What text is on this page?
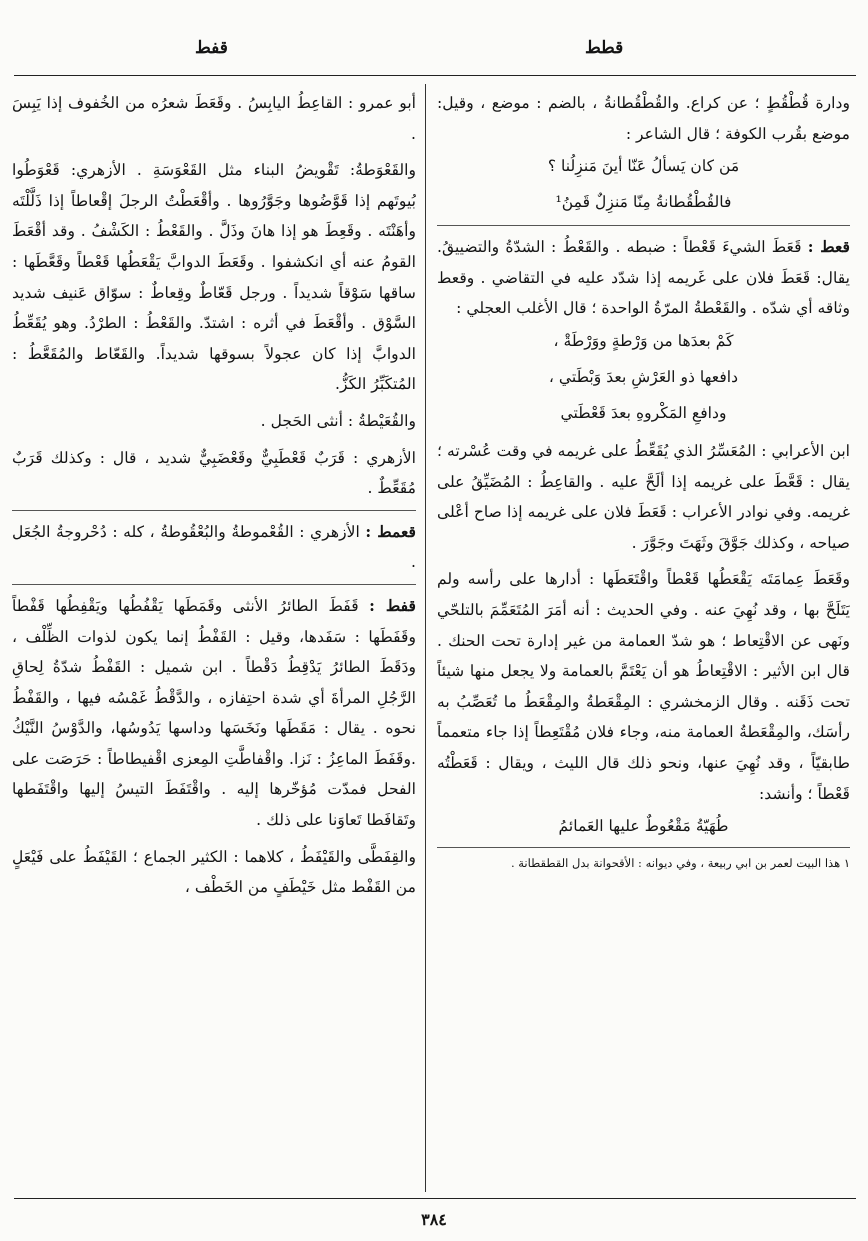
قطط
قفط

ودارة قُطْقُطٍ ؛ عن كراع. والقُطْقُطانةُ ، بالضم : موضع ، وقيل: موضع بقُرب الكوفة ؛ قال الشاعر :

مَن كان يَسألُ عَنّا أينَ مَنزِلُنا ؟

فالقُطْقُطانةُ مِنّا مَنزِلٌ قَمِنُ¹

قعط : قَعَطَ الشيءَ قَعْطاً : ضبطه . والقَعْطُ : الشدّةُ والتضييقُ. يقال: قَعَطَ فلان على غَريمه إذا شدّد عليه في التقاضي . وقعط وثاقه أي شدّه . والقَعْطةُ المرّةُ الواحدة ؛ قال الأغلب العجلي :

كَمْ بعدَها من وَرْطةٍ ووَرْطَةْ ،

دافعها ذو العَرْشِ بعدَ وَبْطَتي ،

ودافعِ المَكْروهِ بعدَ قَعْطَتي

ابن الأعرابي : المُعَسِّرُ الذي يُقَعِّطُ على غريمه في وقت عُسْرته ؛ يقال : قَعَّطَ على غريمه إذا ألَحَّ عليه . والقاعِطُ : المُضَيِّقُ على غريمه. وفي نوادر الأعراب : قَعَطَ فلان على غريمه إذا صاح أعْلى صياحه ، وكذلك جَوَّقَ وثَهَتَ وجَوَّرَ .

وقَعَطَ عِمامَتَه يَقْعَطُها قَعْطاً واقْتَعَطَها : أدارها على رأسه ولم يَتَلَحَّ بها ، وقد نُهِيَ عنه . وفي الحديث : أنه أمَرَ المُتَعَمِّمَ بالتلحّي ونَهى عن الاقْتِعاط ؛ هو شدّ العمامة من غير إدارة تحت الحنك . قال ابن الأثير : الاقْتِعاطُ هو أن يَعْتَمَّ بالعمامة ولا يجعل منها شيئاً تحت ذَقَنه . وقال الزمخشري : المِقْعَطةُ والمِقْعَطُ ما تُعَصِّبُ به رأسَك، والمِقْعَطةُ العمامة منه، وجاء فلان مُقْتَعِطاً إذا جاء متعمماً طابقيّاً ، وقد نُهِيَ عنها، ونحو ذلك قال الليث ، ويقال : قَعَطْتُه قَعْطاً ؛ وأنشد:

طُهَيّةُ مَقْعُوطٌ عليها العَمائمُ

١ هذا البيت لعمر بن ابي ربيعة ، وفي ديوانه : الأقحوانة بدل القطقطانة .

أبو عمرو : القاعِطُ اليابِسُ . وقَعَطَ شعرُه من الخُفوف إذا يَبِسَ .

والقَعْوَطةُ: تَقْويضُ البناء مثل القَعْوَسَةِ . الأزهري: قَعْوَطُوا بُيوتَهم إذا قَوَّضُوها وجَوَّرُوها . وأقْعَطْتُ الرجلَ إقْعاطاً إذا ذَلَّلْتَه وأهَنْتَه . وقَعِطَ هو إذا هانَ وذَلَّ . والقَعْطُ : الكَشْفُ . وقد أقْعَطَ القومُ عنه أي انكشفوا . وقَعَطَ الدوابَّ يَقْعَطُها قَعْطاً وقَعَّطَها : ساقها سَوْقاً شديداً . ورجل قَعّاطٌ وقِعاطٌ : سوّاق عَنيف شديد السَّوْق . وأقْعَطَ في أثره : اشتدّ. والقَعْطُ : الطرْدُ. وهو يُقَعِّطُ الدوابَّ إذا كان عجولاً بسوقها شديداً. والقَعّاط والمُقَعَّطُ : المُتكَبِّرُ الكَزُّ.

والقُعَيْطةُ : أنثى الحَجل .

الأزهري : قَرَبٌ قَعْطَبِيٌّ وقَعْضَبِيٌّ شديد ، قال : وكذلك قَرَبٌ مُقَعِّطٌ .

قعمط : الأزهري : القُعْموطةُ والبُعْقُوطةُ ، كله : دُحْروجةُ الجُعَل .

قفط : قَفَطَ الطائرُ الأنثى وقَمَطَها يَقْفُطُها ويَقْفِطُها قَفْطاً وقَفَطَها : سَفَدها، وقيل : القَفْطُ إنما يكون لذوات الظِّلْف ، ودَقَطَ الطائرُ يَدْقِطُ دَقْطاً . ابن شميل : القَفْطُ شدّةُ لِحاقِ الرَّجُلِ المرأةَ أي شدة احتِفازه ، والدَّقْطُ غَمْسُه فيها ، والقَفْطُ نحوه . يقال : مَقَطَها ونَخَسَها وداسها يَدُوسُها، والدَّوْسُ النَّيْكُ .وقَفَطَ الماعِزُ : نَزا. واقْفاطَّتِ المِعزى اقْفيطاطاً : حَرَصَت على الفحل فمدّت مُؤخّرها إليه . واقْتَفَطَ التيسُ إليها واقْتَفَطها وتَقافَطا تَعاوَنا على ذلك .

والقِفَطَّى والقَيْفَطُ ، كلاهما : الكثير الجماع ؛ القَيْفَطُ على فَيْعَلٍ من القَفْط مثل خَيْطَفٍ من الخَطْف ،

٣٨٤
